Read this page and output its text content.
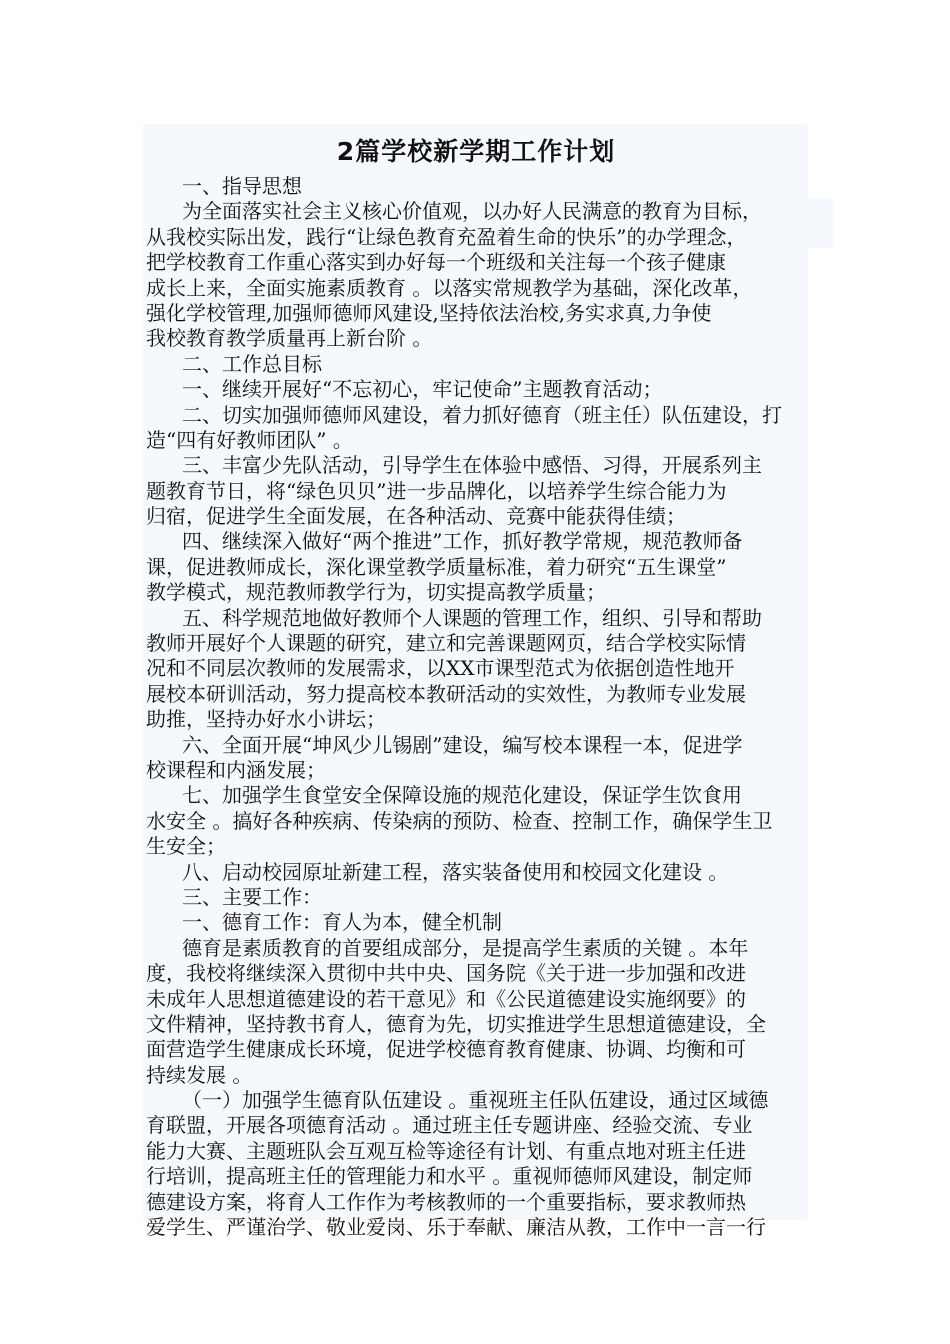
2篇学校新学期工作计划
一、指导思想
为全面落实社会主义核心价值观，以办好人民满意的教育为目标，
从我校实际出发，践行“让绿色教育充盈着生命的快乐”的办学理念，
把学校教育工作重心落实到办好每一个班级和关注每一个孩子健康
成长上来，全面实施素质教育 。以落实常规教学为基础，深化改革，
强化学校管理,加强师德师风建设,坚持依法治校,务实求真,力争使
我校教育教学质量再上新台阶 。
二、工作总目标
一、继续开展好“不忘初心，牢记使命”主题教育活动；
二、切实加强师德师风建设，着力抓好德育（班主任）队伍建设，打
造“四有好教师团队” 。
三、丰富少先队活动，引导学生在体验中感悟、习得，开展系列主
题教育节日，将“绿色贝贝”进一步品牌化，以培养学生综合能力为
归宿，促进学生全面发展，在各种活动、竞赛中能获得佳绩；
四、继续深入做好“两个推进”工作，抓好教学常规，规范教师备
课，促进教师成长，深化课堂教学质量标准，着力研究“五生课堂”
教学模式，规范教师教学行为，切实提高教学质量；
五、科学规范地做好教师个人课题的管理工作，组织、引导和帮助
教师开展好个人课题的研究，建立和完善课题网页，结合学校实际情
况和不同层次教师的发展需求，以XX市课型范式为依据创造性地开
展校本研训活动，努力提高校本教研活动的实效性，为教师专业发展
助推，坚持办好水小讲坛；
六、全面开展“坤风少儿锡剧”建设，编写校本课程一本，促进学
校课程和内涵发展；
七、加强学生食堂安全保障设施的规范化建设，保证学生饮食用
水安全 。搞好各种疾病、传染病的预防、检查、控制工作，确保学生卫
生安全；
八、启动校园原址新建工程，落实装备使用和校园文化建设 。
三、主要工作：
一、德育工作：育人为本，健全机制
德育是素质教育的首要组成部分，是提高学生素质的关键 。本年
度，我校将继续深入贯彻中共中央、国务院《关于进一步加强和改进
未成年人思想道德建设的若干意见》和《公民道德建设实施纲要》的
文件精神，坚持教书育人，德育为先，切实推进学生思想道德建设，全
面营造学生健康成长环境，促进学校德育教育健康、协调、均衡和可
持续发展 。
（一）加强学生德育队伍建设 。重视班主任队伍建设，通过区域德
育联盟，开展各项德育活动 。通过班主任专题讲座、经验交流、专业
能力大赛、主题班队会互观互检等途径有计划、有重点地对班主任进
行培训，提高班主任的管理能力和水平 。重视师德师风建设，制定师
德建设方案，将育人工作作为考核教师的一个重要指标，要求教师热
爱学生、严谨治学、敬业爱岗、乐于奉献、廉洁从教，工作中一言一行
